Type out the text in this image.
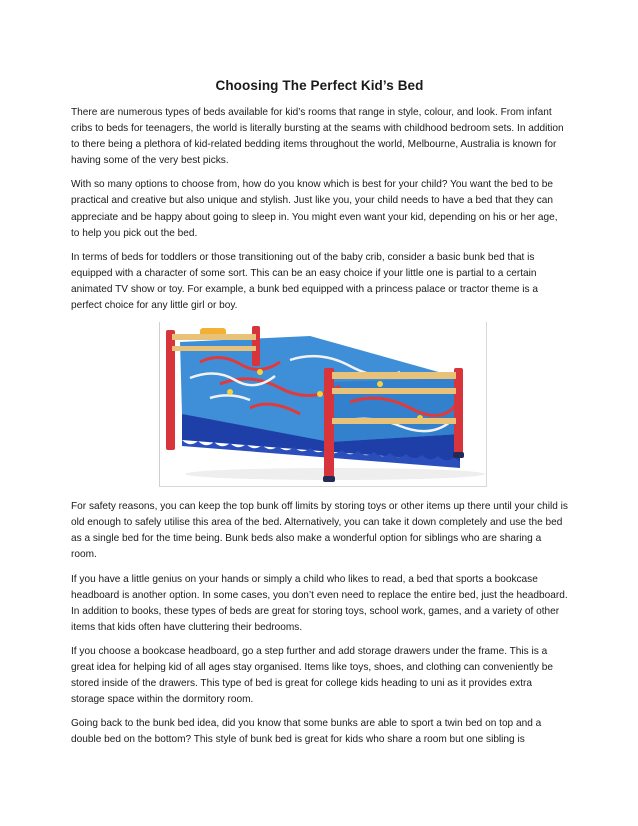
Choosing The Perfect Kid’s Bed

There are numerous types of beds available for kid’s rooms that range in style, colour, and look. From infant cribs to beds for teenagers, the world is literally bursting at the seams with childhood bedroom sets. In addition to there being a plethora of kid-related bedding items throughout the world, Melbourne, Australia is known for having some of the very best picks.

With so many options to choose from, how do you know which is best for your child? You want the bed to be practical and creative but also unique and stylish. Just like you, your child needs to have a bed that they can appreciate and be happy about going to sleep in. You might even want your kid, depending on his or her age, to help you pick out the bed.

In terms of beds for toddlers or those transitioning out of the baby crib, consider a basic bunk bed that is equipped with a character of some sort. This can be an easy choice if your little one is partial to a certain animated TV show or toy. For example, a bunk bed equipped with a princess palace or tractor theme is a perfect choice for any little girl or boy.

For safety reasons, you can keep the top bunk off limits by storing toys or other items up there until your child is old enough to safely utilise this area of the bed. Alternatively, you can take it down completely and use the bed as a single bed for the time being. Bunk beds also make a wonderful option for siblings who are sharing a room.

If you have a little genius on your hands or simply a child who likes to read, a bed that sports a bookcase headboard is another option. In some cases, you don’t even need to replace the entire bed, just the headboard. In addition to books, these types of beds are great for storing toys, school work, games, and a variety of other items that kids often have cluttering their bedrooms.

If you choose a bookcase headboard, go a step further and add storage drawers under the frame. This is a great idea for helping kid of all ages stay organised. Items like toys, shoes, and clothing can conveniently be stored inside of the drawers. This type of bed is great for college kids heading to uni as it provides extra storage space within the dormitory room.

Going back to the bunk bed idea, did you know that some bunks are able to sport a twin bed on top and a double bed on the bottom? This style of bunk bed is great for kids who share a room but one sibling is
